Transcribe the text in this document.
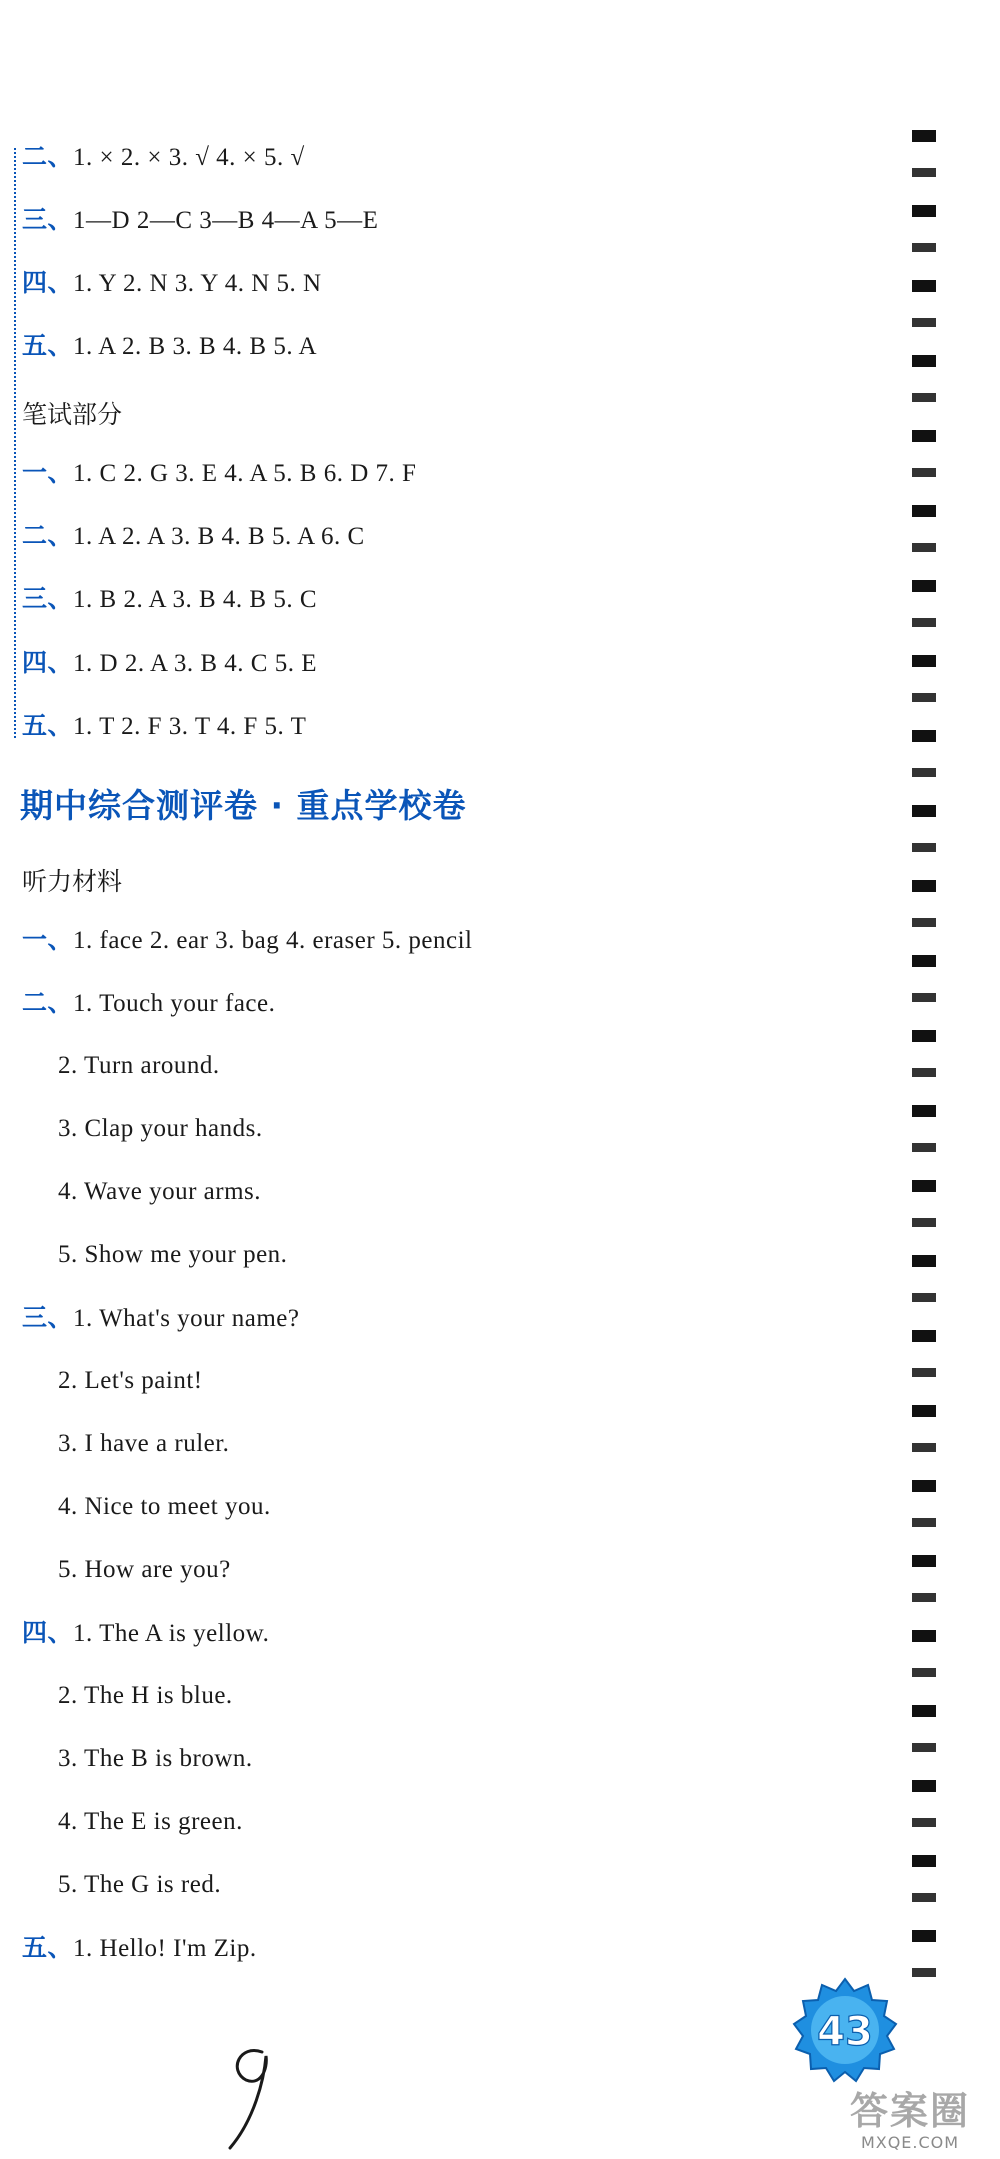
二、1. × 2. × 3. √ 4. × 5. √
三、1—D 2—C 3—B 4—A 5—E
四、1. Y 2. N 3. Y 4. N 5. N
五、1. A 2. B 3. B 4. B 5. A
笔试部分
一、1. C 2. G 3. E 4. A 5. B 6. D 7. F
二、1. A 2. A 3. B 4. B 5. A 6. C
三、1. B 2. A 3. B 4. B 5. C
四、1. D 2. A 3. B 4. C 5. E
五、1. T 2. F 3. T 4. F 5. T
期中综合测评卷 · 重点学校卷
听力材料
一、1. face 2. ear 3. bag 4. eraser 5. pencil
二、1. Touch your face.
2. Turn around.
3. Clap your hands.
4. Wave your arms.
5. Show me your pen.
三、1. What's your name?
2. Let's paint!
3. I have a ruler.
4. Nice to meet you.
5. How are you?
四、1. The A is yellow.
2. The H is blue.
3. The B is brown.
4. The E is green.
5. The G is red.
五、1. Hello! I'm Zip.
43
答案圈
MXQE.COM
